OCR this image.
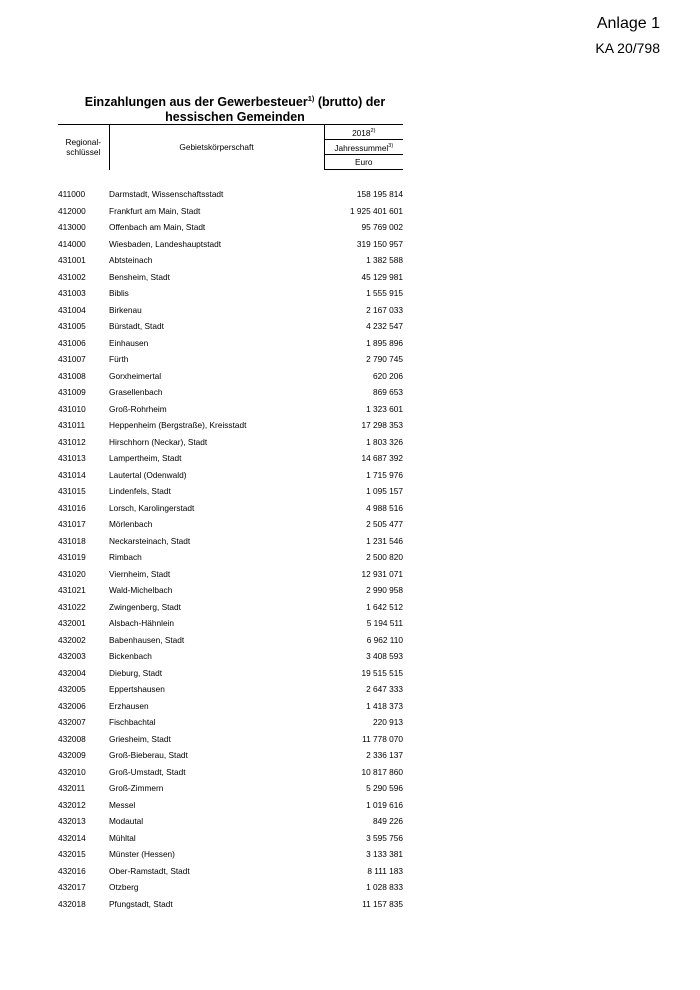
Anlage 1
KA 20/798
Einzahlungen aus der Gewerbesteuer$^{1)}$ (brutto) der hessischen Gemeinden
Regional-
schlüssel	Gebietskörperschaft	2018$^{2)}$
		Jahressummel$^{3)}$
		Euro

411000	Darmstadt, Wissenschaftsstadt	158 195 814
412000	Frankfurt am Main, Stadt	1 925 401 601
413000	Offenbach am Main, Stadt	95 769 002
414000	Wiesbaden, Landeshauptstadt	319 150 957
431001	Abtsteinach	1 382 588
431002	Bensheim, Stadt	45 129 981
431003	Biblis	1 555 915
431004	Birkenau	2 167 033
431005	Bürstadt, Stadt	4 232 547
431006	Einhausen	1 895 896
431007	Fürth	2 790 745
431008	Gorxheimertal	620 206
431009	Grasellenbach	869 653
431010	Groß-Rohrheim	1 323 601
431011	Heppenheim (Bergstraße), Kreisstadt	17 298 353
431012	Hirschhorn (Neckar), Stadt	1 803 326
431013	Lampertheim, Stadt	14 687 392
431014	Lautertal (Odenwald)	1 715 976
431015	Lindenfels, Stadt	1 095 157
431016	Lorsch, Karolingerstadt	4 988 516
431017	Mörlenbach	2 505 477
431018	Neckarsteinach, Stadt	1 231 546
431019	Rimbach	2 500 820
431020	Viernheim, Stadt	12 931 071
431021	Wald-Michelbach	2 990 958
431022	Zwingenberg, Stadt	1 642 512
432001	Alsbach-Hähnlein	5 194 511
432002	Babenhausen, Stadt	6 962 110
432003	Bickenbach	3 408 593
432004	Dieburg, Stadt	19 515 515
432005	Eppertshausen	2 647 333
432006	Erzhausen	1 418 373
432007	Fischbachtal	220 913
432008	Griesheim, Stadt	11 778 070
432009	Groß-Bieberau, Stadt	2 336 137
432010	Groß-Umstadt, Stadt	10 817 860
432011	Groß-Zimmern	5 290 596
432012	Messel	1 019 616
432013	Modautal	849 226
432014	Mühltal	3 595 756
432015	Münster (Hessen)	3 133 381
432016	Ober-Ramstadt, Stadt	8 111 183
432017	Otzberg	1 028 833
432018	Pfungstadt, Stadt	11 157 835
